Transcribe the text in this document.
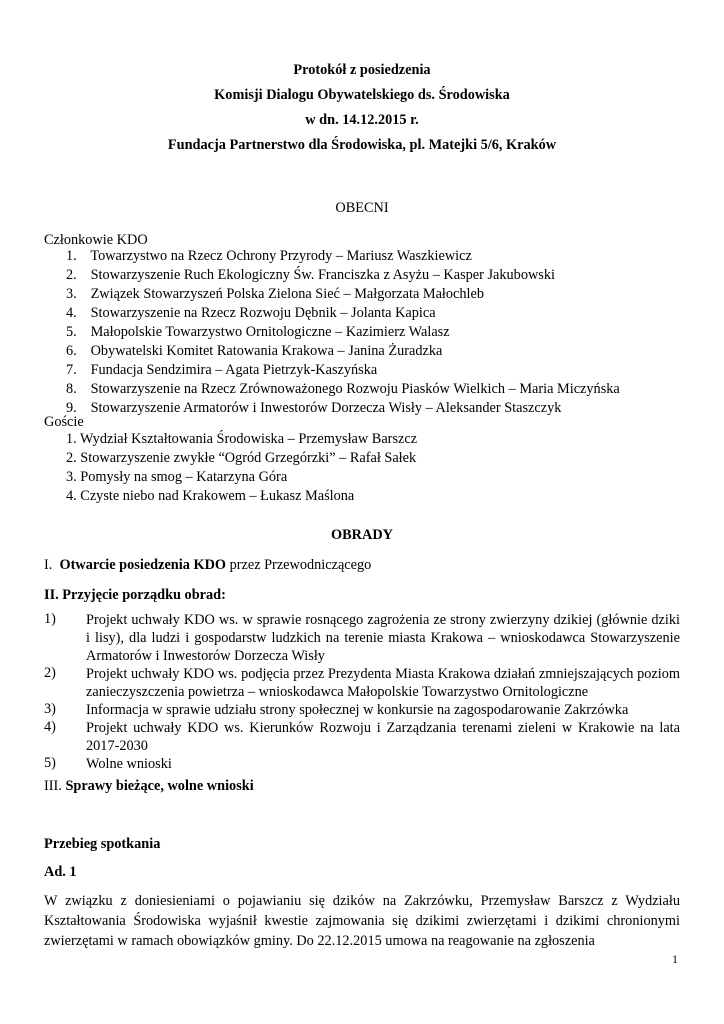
Protokół z posiedzenia
Komisji Dialogu Obywatelskiego ds. Środowiska
w dn. 14.12.2015 r.
Fundacja Partnerstwo dla Środowiska, pl. Matejki 5/6, Kraków
OBECNI
Członkowie KDO
1. Towarzystwo na Rzecz Ochrony Przyrody – Mariusz Waszkiewicz
2. Stowarzyszenie Ruch Ekologiczny Św. Franciszka z Asyżu – Kasper Jakubowski
3. Związek Stowarzyszeń Polska Zielona Sieć – Małgorzata Małochleb
4. Stowarzyszenie na Rzecz Rozwoju Dębnik – Jolanta Kapica
5. Małopolskie Towarzystwo Ornitologiczne – Kazimierz Walasz
6. Obywatelski Komitet Ratowania Krakowa – Janina Żuradzka
7. Fundacja Sendzimira – Agata Pietrzyk-Kaszyńska
8. Stowarzyszenie na Rzecz Zrównoważonego Rozwoju Piasków Wielkich – Maria Miczyńska
9. Stowarzyszenie Armatorów i Inwestorów Dorzecza Wisły – Aleksander Staszczyk
Goście
1. Wydział Kształtowania Środowiska – Przemysław Barszcz
2. Stowarzyszenie zwykłe “Ogród Grzegórzki” – Rafał Sałek
3. Pomysły na smog – Katarzyna Góra
4. Czyste niebo nad Krakowem – Łukasz Maślona
OBRADY
I. Otwarcie posiedzenia KDO przez Przewodniczącego
II. Przyjęcie porządku obrad:
1)	Projekt uchwały KDO ws. w sprawie rosnącego zagrożenia ze strony zwierzyny dzikiej (głównie dziki i lisy), dla ludzi i gospodarstw ludzkich na terenie miasta Krakowa – wnioskodawca Stowarzyszenie Armatorów i Inwestorów Dorzecza Wisły
2)	Projekt uchwały KDO ws. podjęcia przez Prezydenta Miasta Krakowa działań zmniejszających poziom zanieczyszczenia powietrza – wnioskodawca Małopolskie Towarzystwo Ornitologiczne
3)	Informacja w sprawie udziału strony społecznej w konkursie na zagospodarowanie Zakrzówka
4)	Projekt uchwały KDO ws. Kierunków Rozwoju i Zarządzania terenami zieleni w Krakowie na lata 2017-2030
5)	Wolne wnioski
III. Sprawy bieżące, wolne wnioski
Przebieg spotkania
Ad. 1
W związku z doniesieniami o pojawianiu się dzików na Zakrzówku, Przemysław Barszcz z Wydziału Kształtowania Środowiska wyjaśnił kwestie zajmowania się dzikimi zwierzętami i dzikimi chronionymi zwierzętami w ramach obowiązków gminy. Do 22.12.2015 umowa na reagowanie na zgłoszenia
1
